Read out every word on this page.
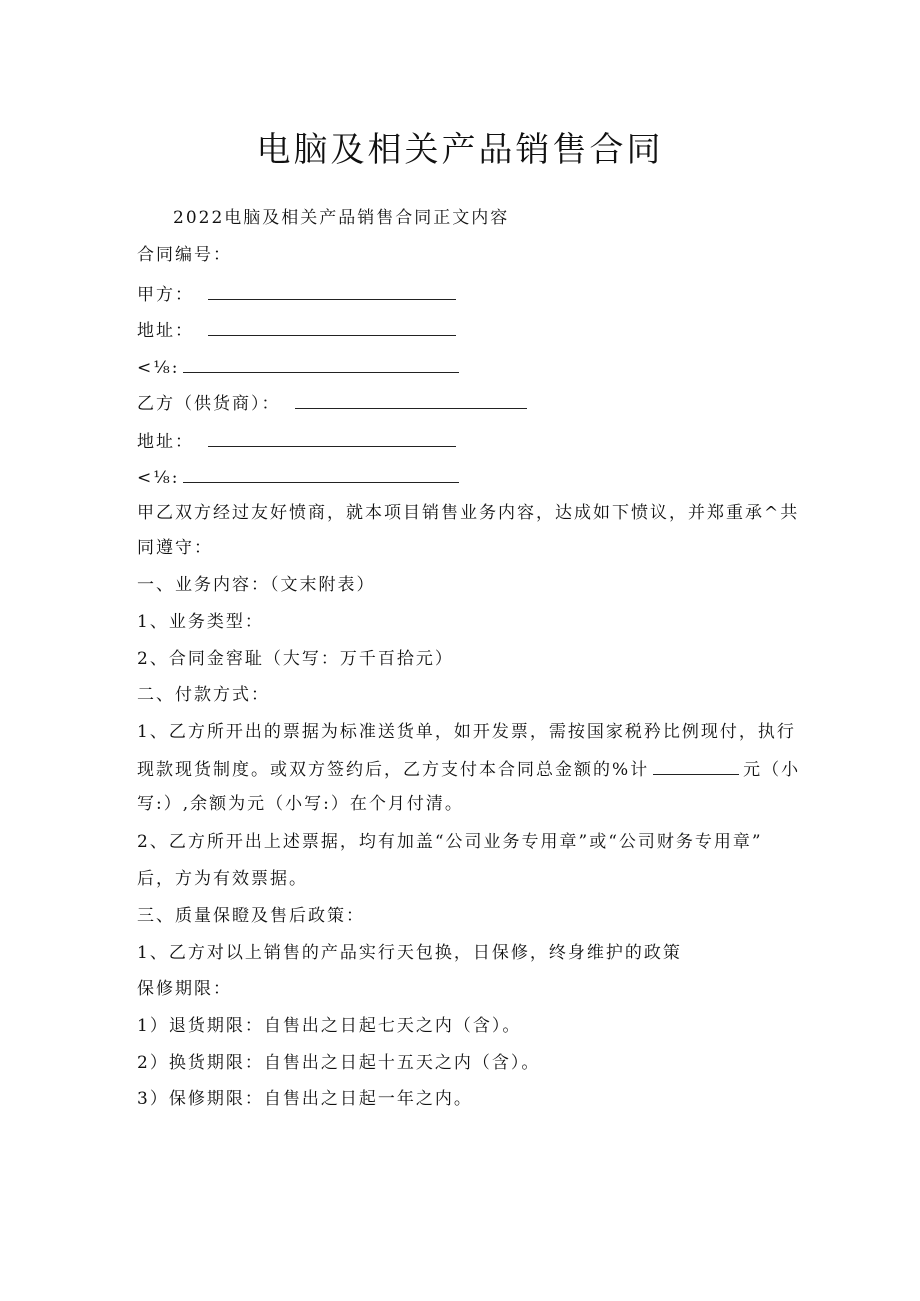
电脑及相关产品销售合同
2022电脑及相关产品销售合同正文内容
合同编号：
甲方：
地址：
<⅛:
乙方（供货商）：
地址：
<⅛:
甲乙双方经过友好愤商，就本项目销售业务内容，达成如下愤议，并郑重承^共
同遵守：
一、业务内容：（文末附表）
1、业务类型：
2、合同金窖耻（大写：万千百拾元）
二、付款方式：
1、乙方所开出的票据为标准送货单，如开发票，需按国家税矜比例现付，执行
现款现货制度。或双方签约后，乙方支付本合同总金额的%计	元（小
写:）,余额为元（小写:）在个月付清。
2、乙方所开出上述票据，均有加盖“公司业务专用章”或“公司财务专用章”
后，方为有效票据。
三、质量保瞪及售后政策：
1、乙方对以上销售的产品实行天包换，日保修，终身维护的政策
保修期限：
1）退货期限：自售出之日起七天之内（含）。
2）换货期限：自售出之日起十五天之内（含）。
3）保修期限：自售出之日起一年之内。
